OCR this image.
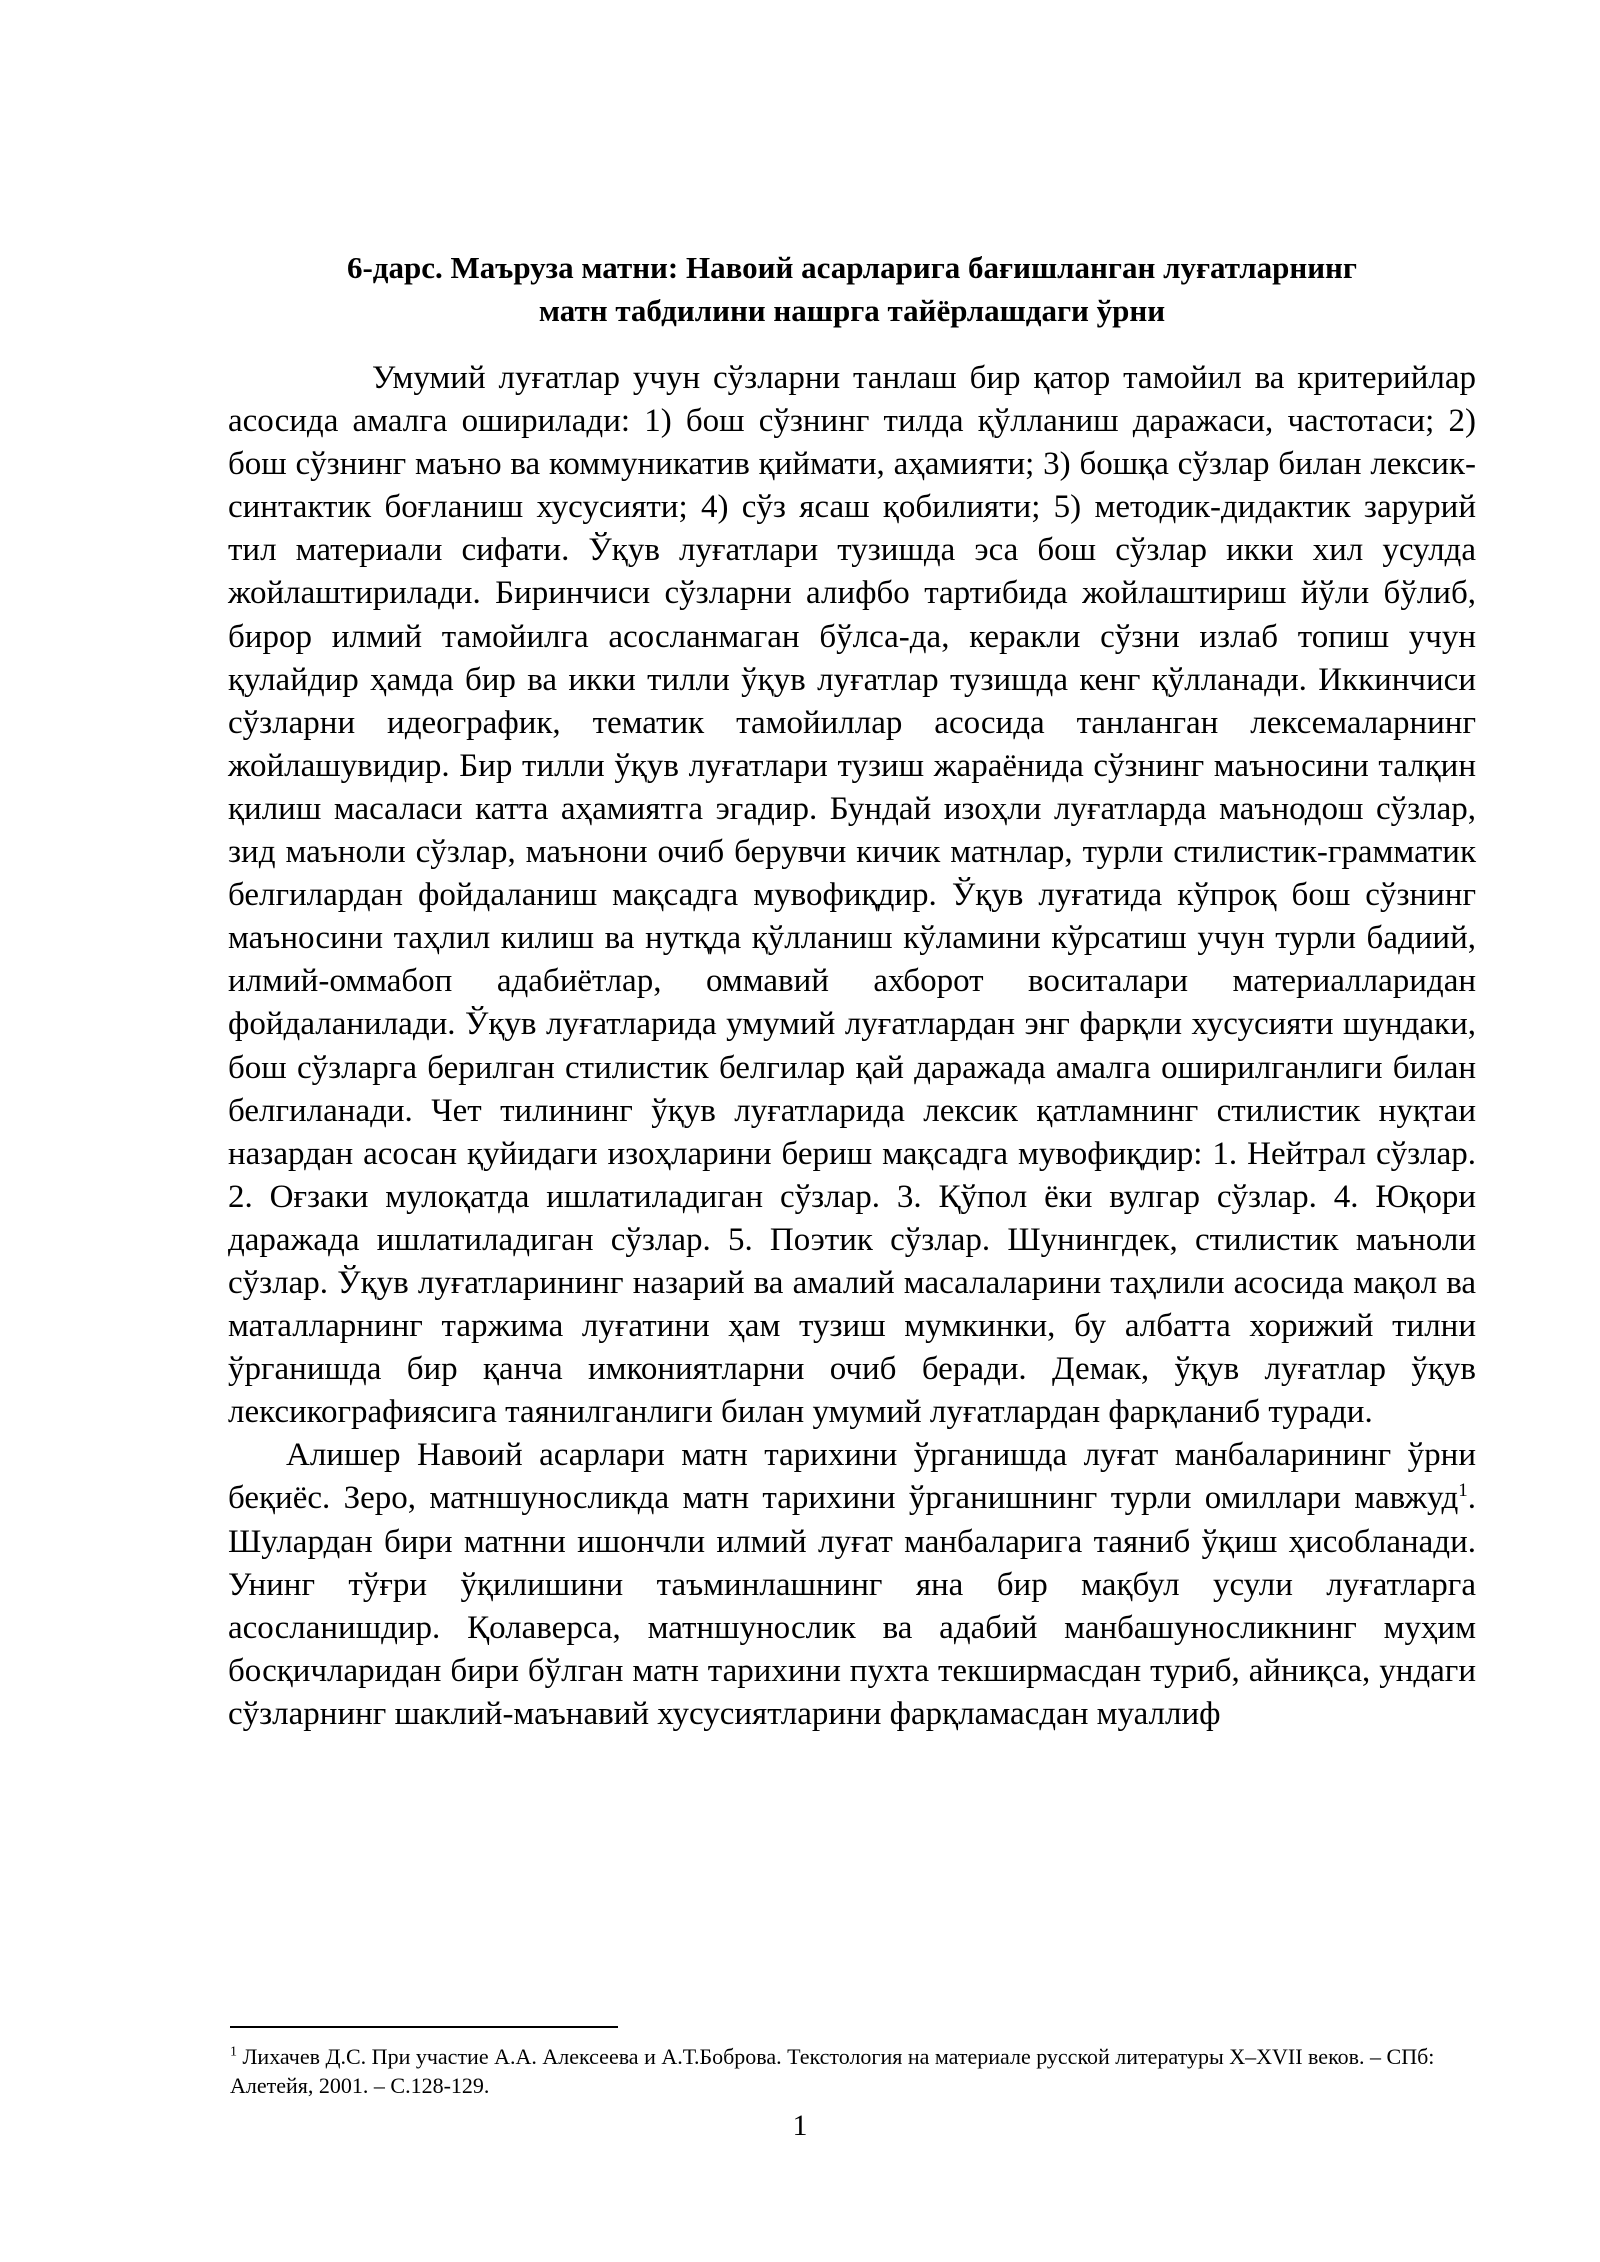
6-дарс. Маъруза матни: Навоий асарларига бағишланган луғатларнинг
матн табдилини нашрга тайёрлашдаги ўрни

Умумий луғатлар учун сўзларни танлаш бир қатор тамойил ва критерийлар асосида амалга оширилади: 1) бош сўзнинг тилда қўлланиш даражаси, частотаси; 2) бош сўзнинг маъно ва коммуникатив қиймати, аҳамияти; 3) бошқа сўзлар билан лексик-синтактик боғланиш хусусияти; 4) сўз ясаш қобилияти; 5) методик-дидактик зарурий тил материали сифати. Ўқув луғатлари тузишда эса бош сўзлар икки хил усулда жойлаштирилади. Биринчиси сўзларни алифбо тартибида жойлаштириш йўли бўлиб, бирор илмий тамойилга асосланмаган бўлса-да, керакли сўзни излаб топиш учун қулайдир ҳамда бир ва икки тилли ўқув луғатлар тузишда кенг қўлланади. Иккинчиси сўзларни идеографик, тематик тамойиллар асосида танланган лексемаларнинг жойлашувидир. Бир тилли ўқув луғатлари тузиш жараёнида сўзнинг маъносини талқин қилиш масаласи катта аҳамиятга эгадир. Бундай изоҳли луғатларда маънодош сўзлар, зид маъноли сўзлар, маънони очиб берувчи кичик матнлар, турли стилистик-грамматик белгилардан фойдаланиш мақсадга мувофиқдир. Ўқув луғатида кўпроқ бош сўзнинг маъносини таҳлил килиш ва нутқда қўлланиш кўламини кўрсатиш учун турли бадиий, илмий-оммабоп адабиётлар, оммавий ахборот воситалари материалларидан фойдаланилади. Ўқув луғатларида умумий луғатлардан энг фарқли хусусияти шундаки, бош сўзларга берилган стилистик белгилар қай даражада амалга оширилганлиги билан белгиланади. Чет тилининг ўқув луғатларида лексик қатламнинг стилистик нуқтаи назардан асосан қуйидаги изоҳларини бериш мақсадга мувофиқдир: 1. Нейтрал сўзлар. 2. Оғзаки мулоқатда ишлатиладиган сўзлар. 3. Қўпол ёки вулгар сўзлар. 4. Юқори даражада ишлатиладиган сўзлар. 5. Поэтик сўзлар. Шунингдек, стилистик маъноли сўзлар. Ўқув луғатларининг назарий ва амалий масалаларини таҳлили асосида мақол ва маталларнинг таржима луғатини ҳам тузиш мумкинки, бу албатта хорижий тилни ўрганишда бир қанча имкониятларни очиб беради. Демак, ўқув луғатлар ўқув лексикографиясига таянилганлиги билан умумий луғатлардан фарқланиб туради.

Алишер Навоий асарлари матн тарихини ўрганишда луғат манбаларининг ўрни беқиёс. Зеро, матншуносликда матн тарихини ўрганишнинг турли омиллари мавжуд$^1$. Шулардан бири матнни ишончли илмий луғат манбаларига таяниб ўқиш ҳисобланади. Унинг тўғри ўқилишини таъминлашнинг яна бир мақбул усули луғатларга асосланишдир. Қолаверса, матншунослик ва адабий манбашуносликнинг муҳим босқичларидан бири бўлган матн тарихини пухта текширмасдан туриб, айниқса, ундаги сўзларнинг шаклий-маънавий хусусиятларини фарқламасдан муаллиф

$^1$ Лихачев Д.С. При участие А.А. Алексеева и А.Т.Боброва. Текстология на материале русской литературы X–XVII веков. – СПб: Алетейя, 2001. – С.128-129.

1
